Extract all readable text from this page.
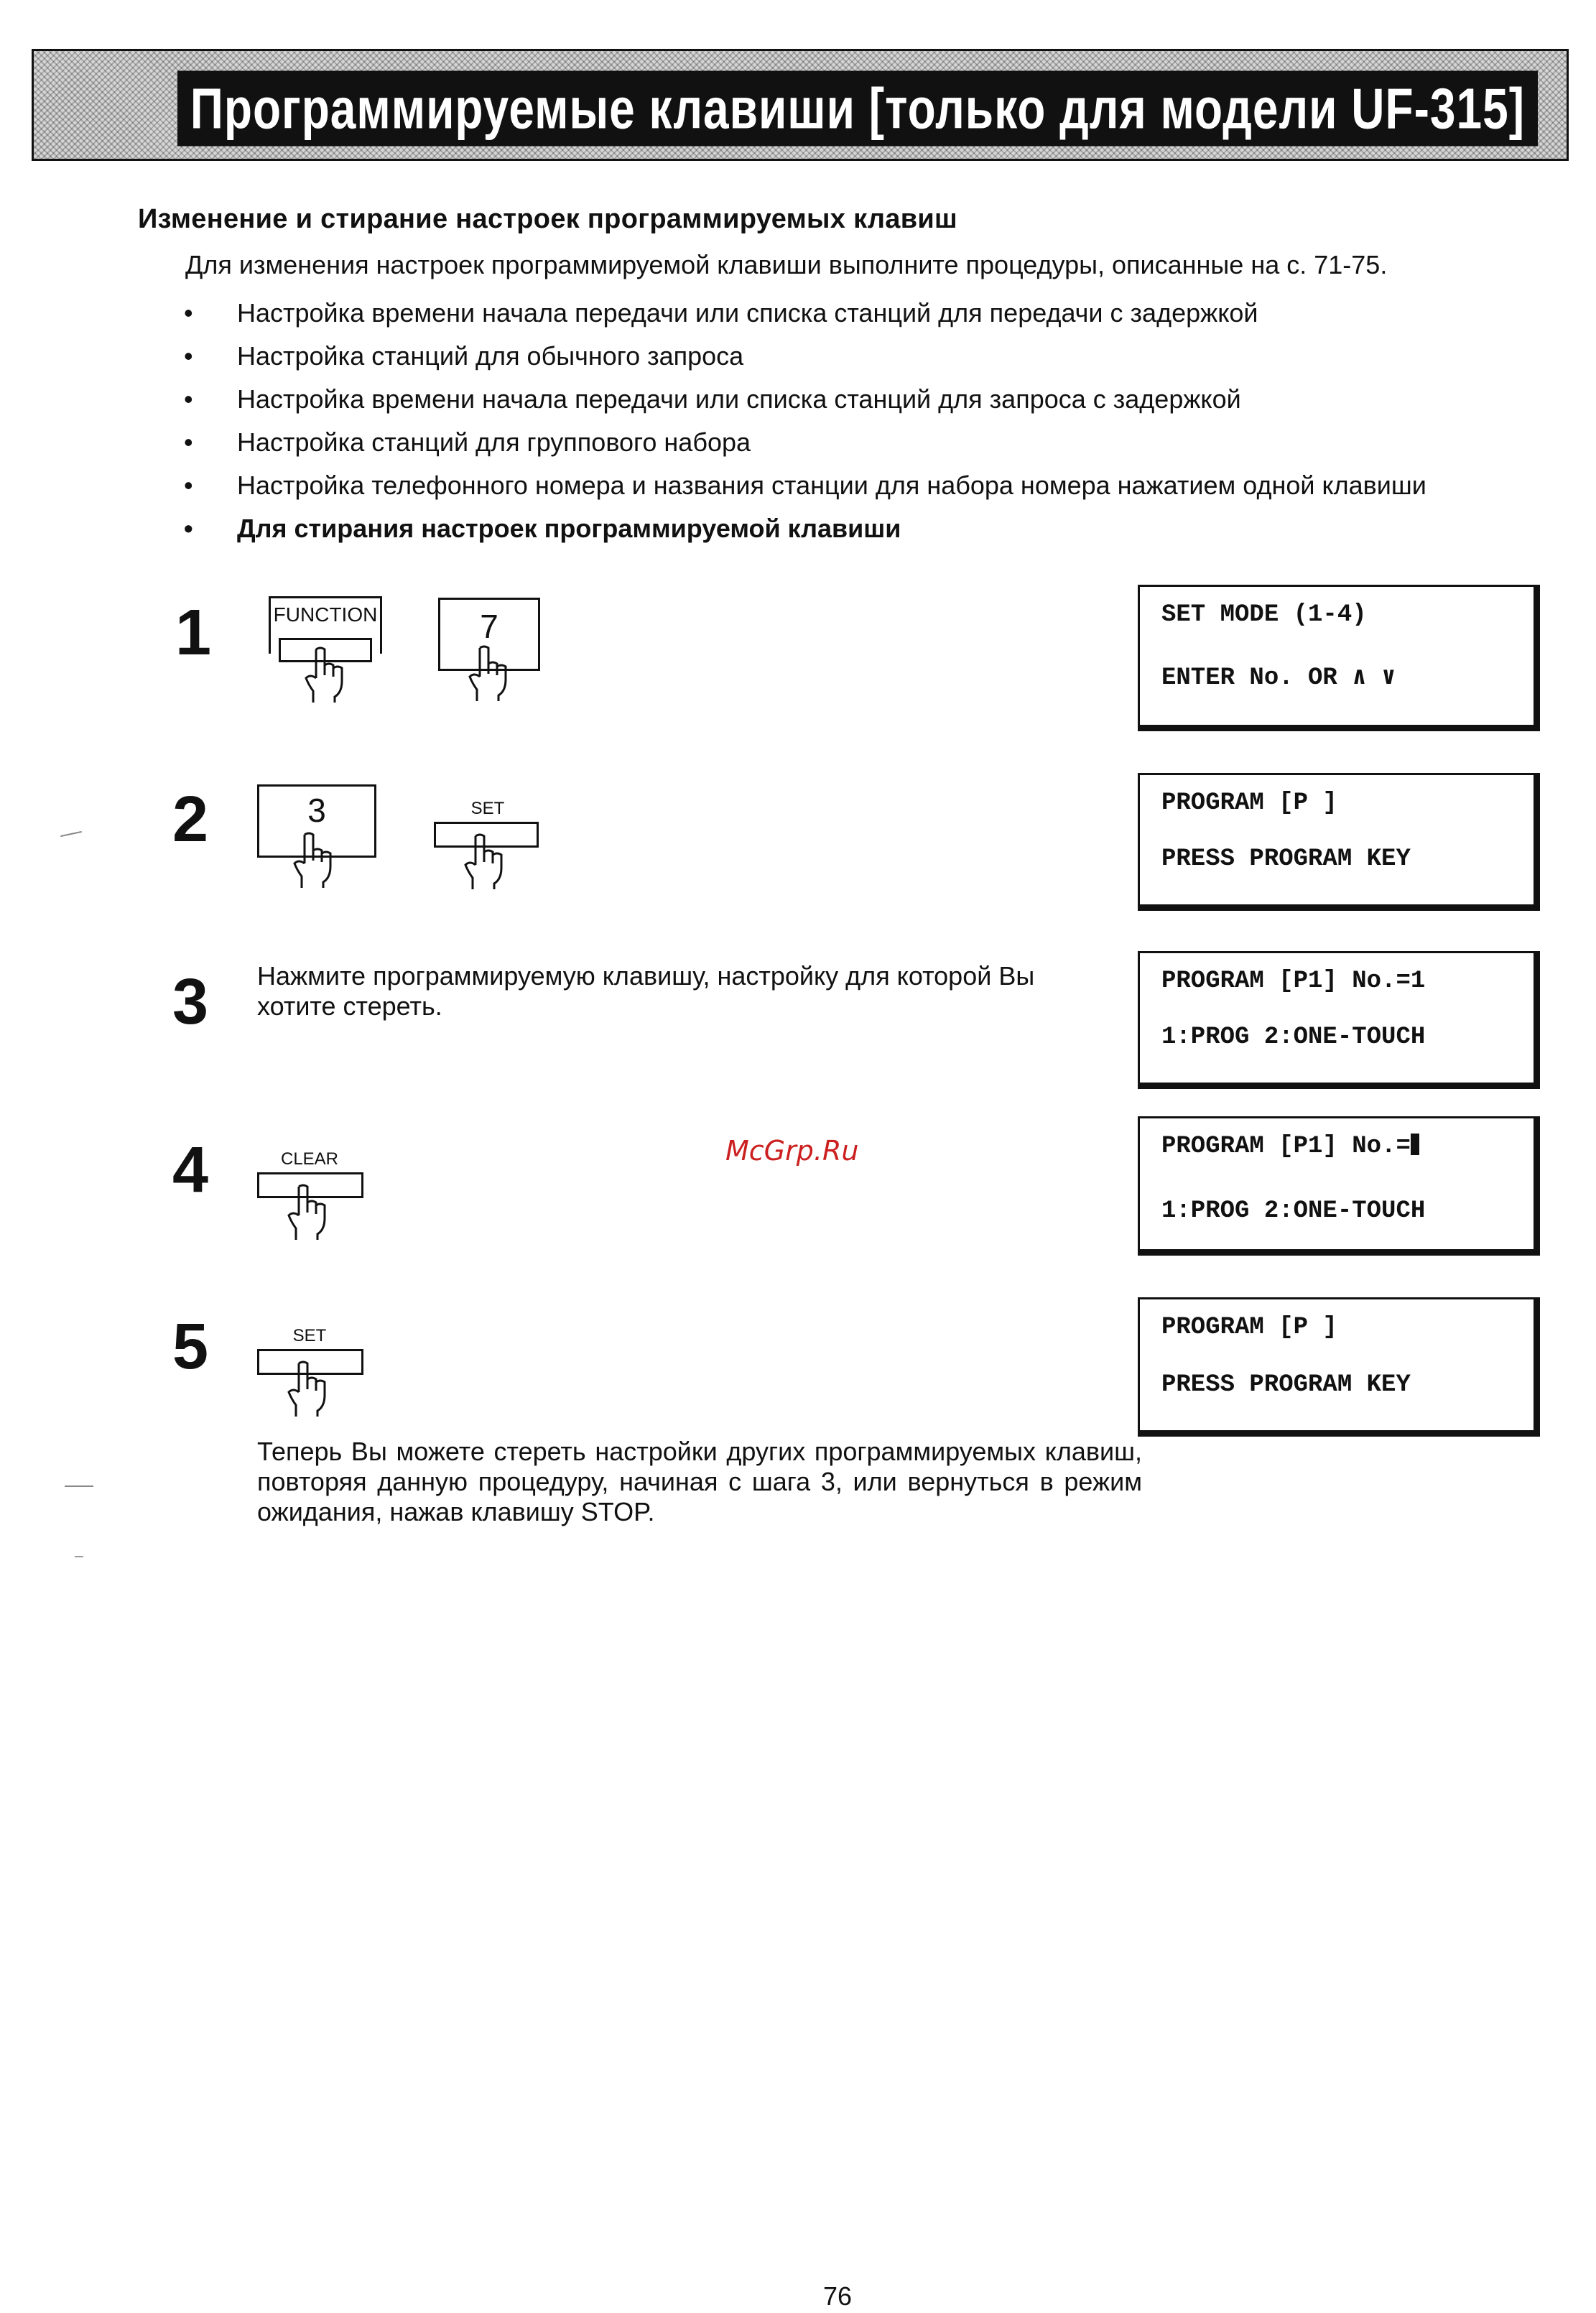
Программируемые клавиши [только для модели UF-315]
Изменение и стирание настроек программируемых клавиш
Для изменения настроек программируемой клавиши выполните процедуры, описанные на с. 71-75.
• Настройка времени начала передачи или списка станций для передачи с задержкой
• Настройка станций для обычного запроса
• Настройка времени начала передачи или списка станций для запроса с задержкой
• Настройка станций для группового набора
• Настройка телефонного номера и названия станции для набора номера нажатием одной клавиши
• Для стирания настроек программируемой клавиши
1	FUNCTION	7	SET MODE (1-4)
ENTER No. OR ∧ ∨
2	3	SET	PROGRAM [P ]
PRESS PROGRAM KEY
3 Нажмите программируемую клавишу, настройку для которой Вы хотите стереть.
PROGRAM [P1] No.=1
1:PROG 2:ONE-TOUCH
4	CLEAR	PROGRAM [P1] No.=
1:PROG 2:ONE-TOUCH
5	SET	PROGRAM [P ]
PRESS PROGRAM KEY
Теперь Вы можете стереть настройки других программируемых клавиш, повторяя данную процедуру, начиная с шага 3, или вернуться в режим ожидания, нажав клавишу STOP.
McGrp.Ru
76
